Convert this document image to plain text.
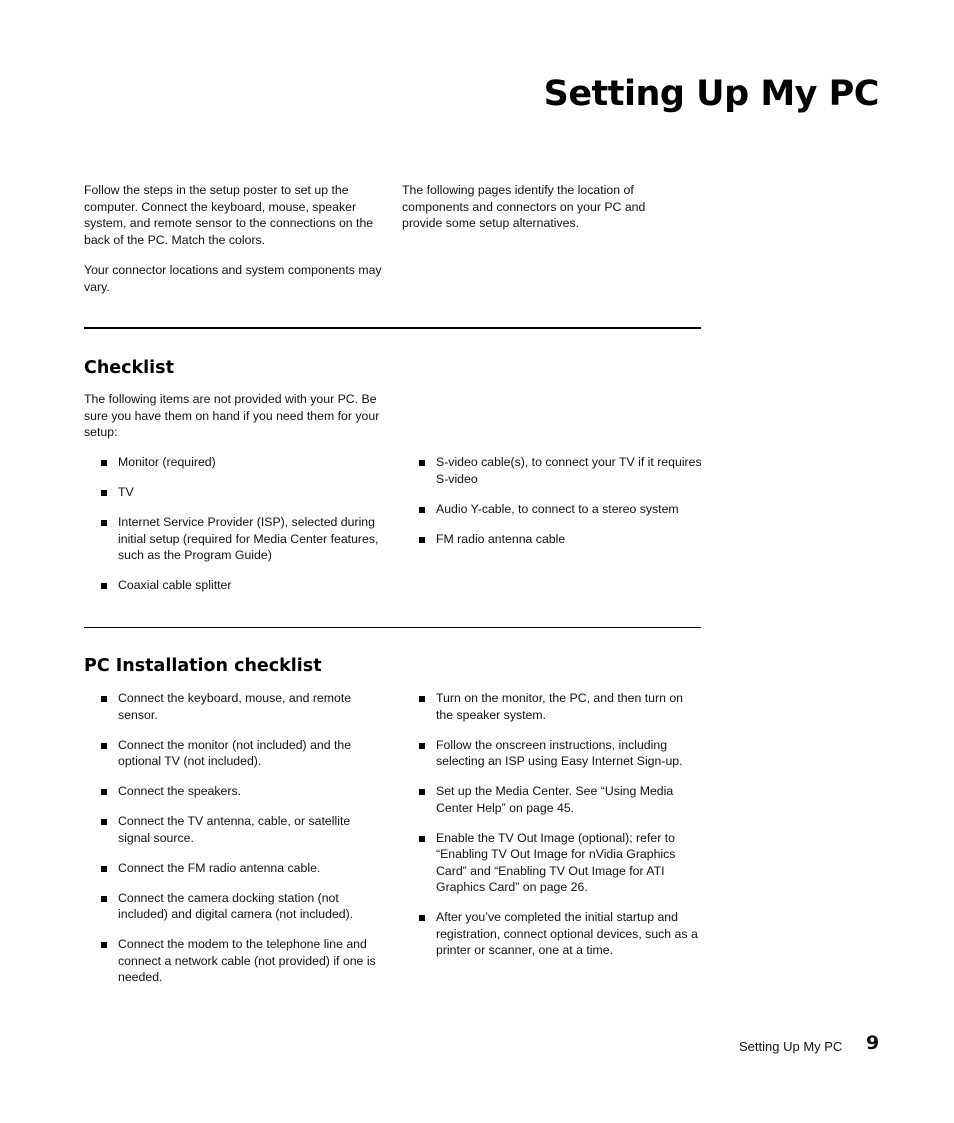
Setting Up My PC

Follow the steps in the setup poster to set up the computer. Connect the keyboard, mouse, speaker system, and remote sensor to the connections on the back of the PC. Match the colors.

Your connector locations and system components may vary.

The following pages identify the location of components and connectors on your PC and provide some setup alternatives.

Checklist

The following items are not provided with your PC. Be sure you have them on hand if you need them for your setup:

Monitor (required)
TV
Internet Service Provider (ISP), selected during initial setup (required for Media Center features, such as the Program Guide)
Coaxial cable splitter
S-video cable(s), to connect your TV if it requires S-video
Audio Y-cable, to connect to a stereo system
FM radio antenna cable
PC Installation checklist
Connect the keyboard, mouse, and remote sensor.
Connect the monitor (not included) and the optional TV (not included).
Connect the speakers.
Connect the TV antenna, cable, or satellite signal source.
Connect the FM radio antenna cable.
Connect the camera docking station (not included) and digital camera (not included).
Connect the modem to the telephone line and connect a network cable (not provided) if one is needed.
Turn on the monitor, the PC, and then turn on the speaker system.
Follow the onscreen instructions, including selecting an ISP using Easy Internet Sign-up.
Set up the Media Center. See “Using Media Center Help” on page 45.
Enable the TV Out Image (optional); refer to “Enabling TV Out Image for nVidia Graphics Card” and “Enabling TV Out Image for ATI Graphics Card” on page 26.
After you’ve completed the initial startup and registration, connect optional devices, such as a printer or scanner, one at a time.
Setting Up My PC 9
